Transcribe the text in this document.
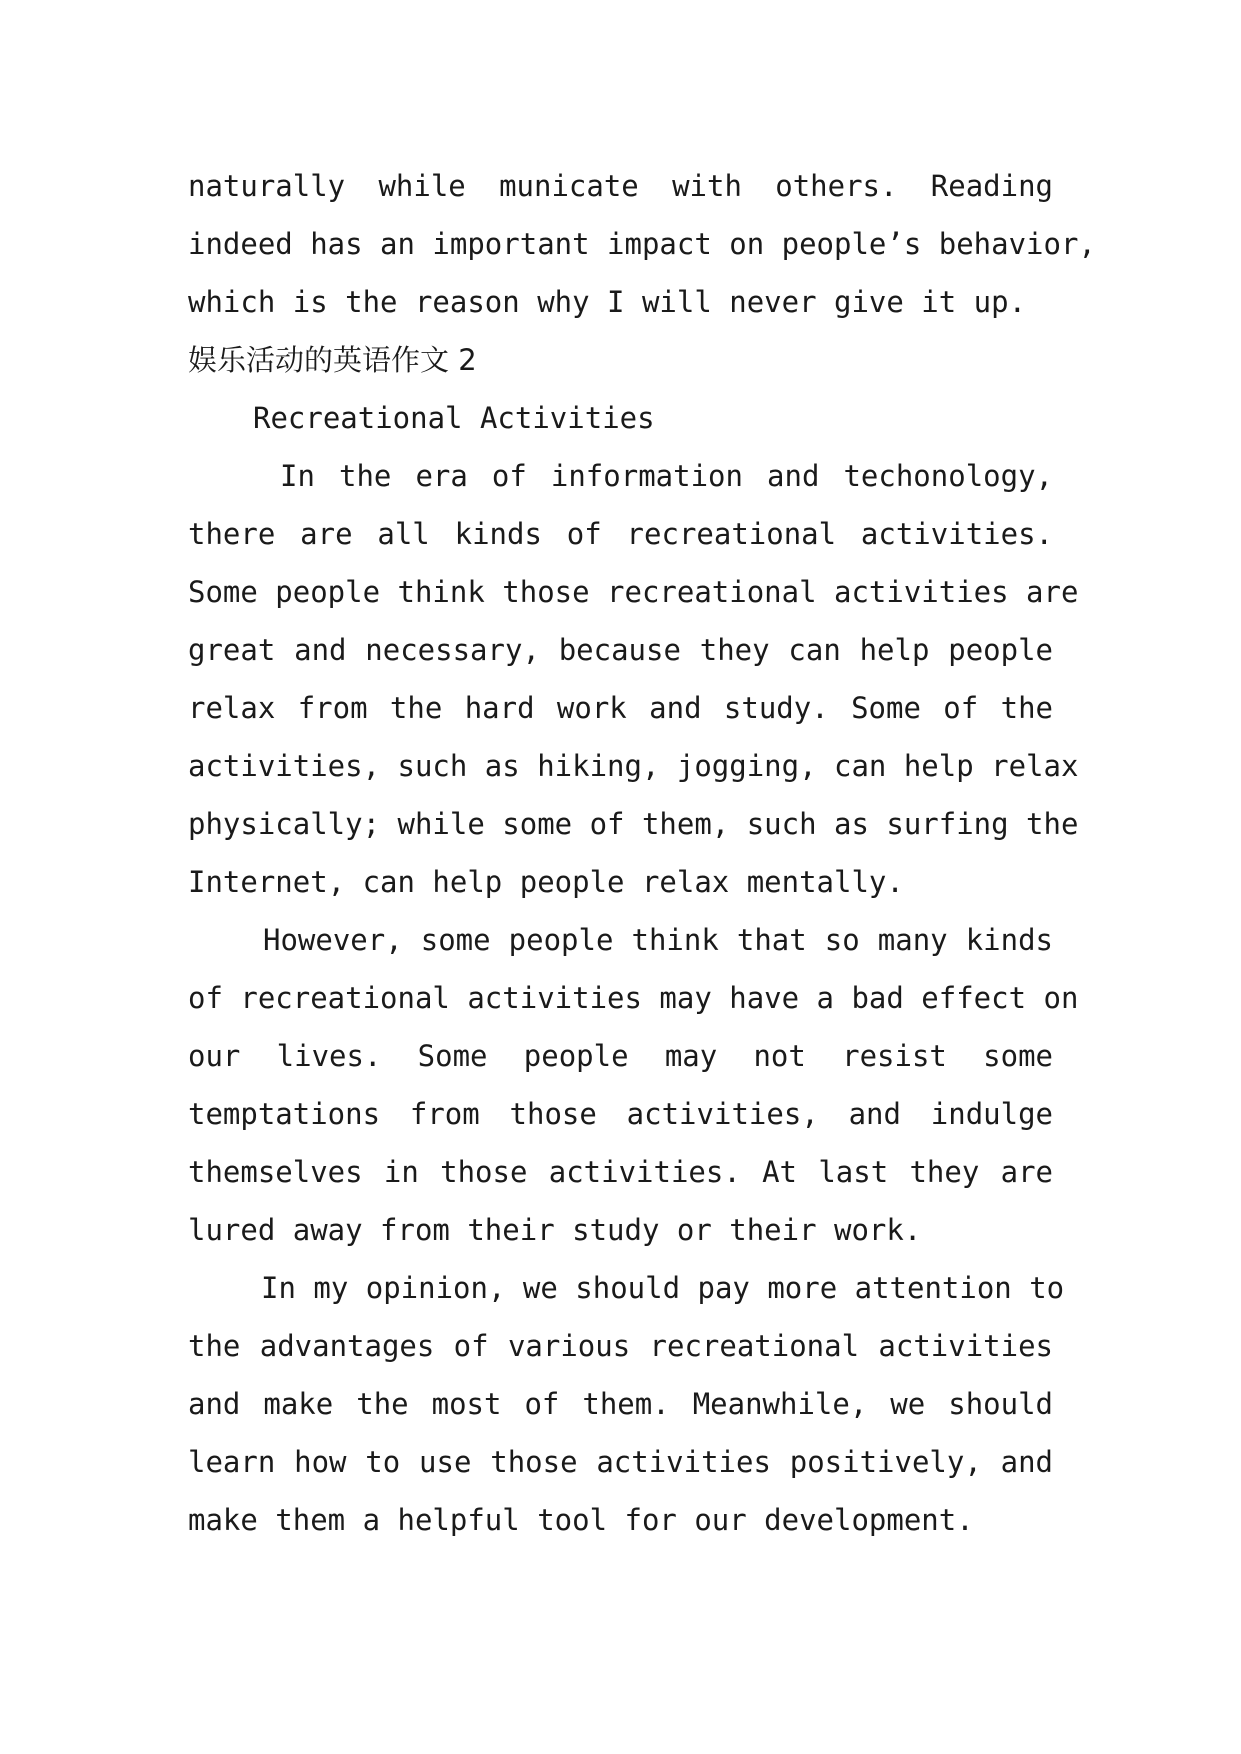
naturally while municate with others. Reading
indeed has an important impact on people’s behavior,
which is the reason why I will never give it up.
娱乐活动的英语作文 2
Recreational Activities
In the era of information and techonology,
there are all kinds of recreational activities.
Some people think those recreational activities are
great and necessary, because they can help people
relax from the hard work and study. Some of the
activities, such as hiking, jogging, can help relax
physically; while some of them, such as surfing the
Internet, can help people relax mentally.
However, some people think that so many kinds
of recreational activities may have a bad effect on
our lives. Some people may not resist some
temptations from those activities, and indulge
themselves in those activities. At last they are
lured away from their study or their work.
In my opinion, we should pay more attention to
the advantages of various recreational activities
and make the most of them. Meanwhile, we should
learn how to use those activities positively, and
make them a helpful tool for our development.
